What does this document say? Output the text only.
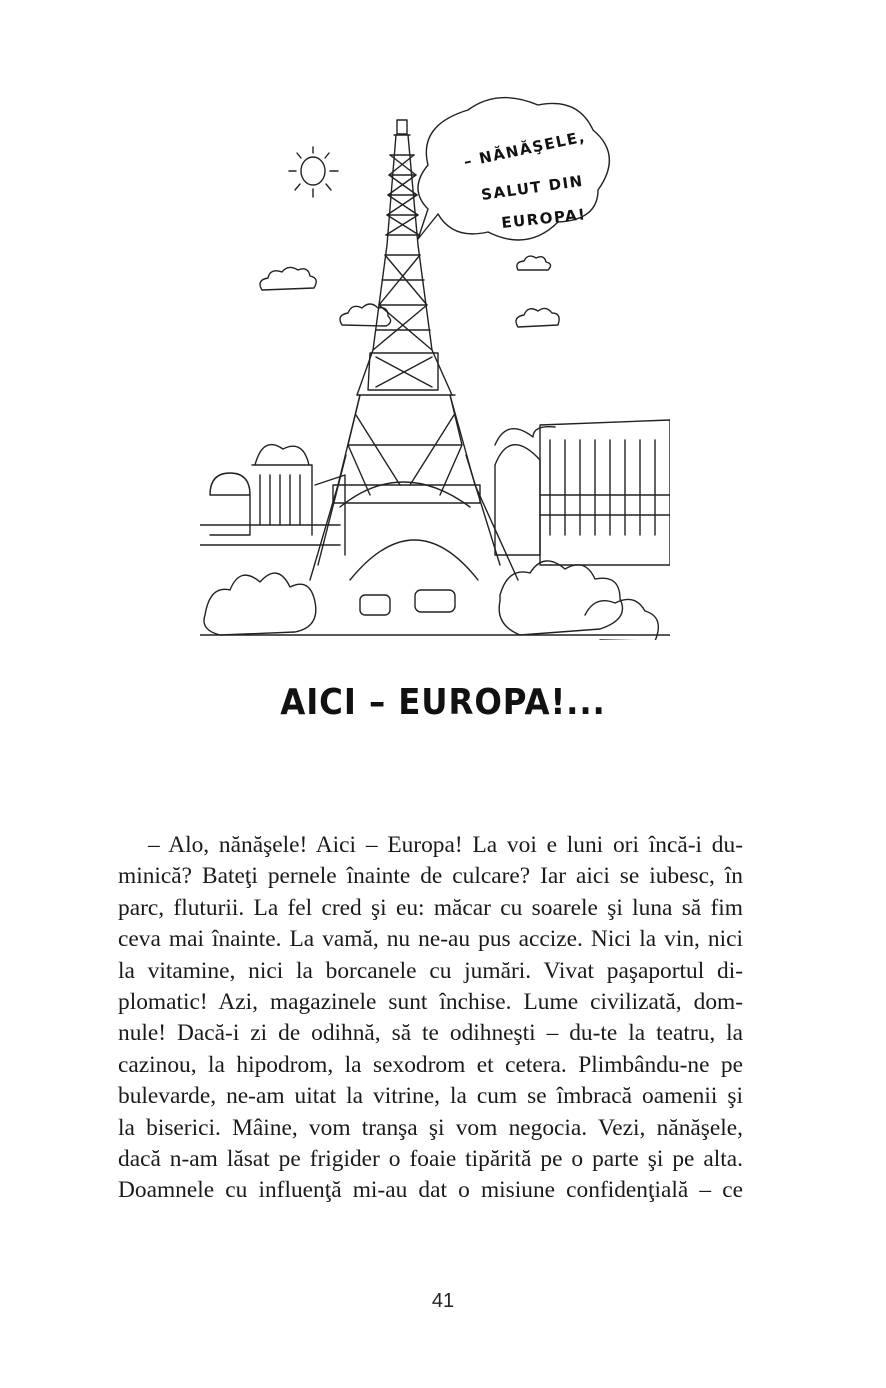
– NĂNĂŞELE,
SALUT DIN
EUROPA!
AICI – EUROPA!...
– Alo, nănăşele! Aici – Europa! La voi e luni ori încă-i du-
minică? Bateţi pernele înainte de culcare? Iar aici se iubesc, în
parc, fluturii. La fel cred şi eu: măcar cu soarele şi luna să fim
ceva mai înainte. La vamă, nu ne-au pus accize. Nici la vin, nici
la vitamine, nici la borcanele cu jumări. Vivat paşaportul di-
plomatic! Azi, magazinele sunt închise. Lume civilizată, dom-
nule! Dacă-i zi de odihnă, să te odihneşti – du-te la teatru, la
cazinou, la hipodrom, la sexodrom et cetera. Plimbându-ne pe
bulevarde, ne-am uitat la vitrine, la cum se îmbracă oamenii şi
la biserici. Mâine, vom tranşa şi vom negocia. Vezi, nănăşele,
dacă n-am lăsat pe frigider o foaie tipărită pe o parte şi pe alta.
Doamnele cu influenţă mi-au dat o misiune confidenţială – ce
41
